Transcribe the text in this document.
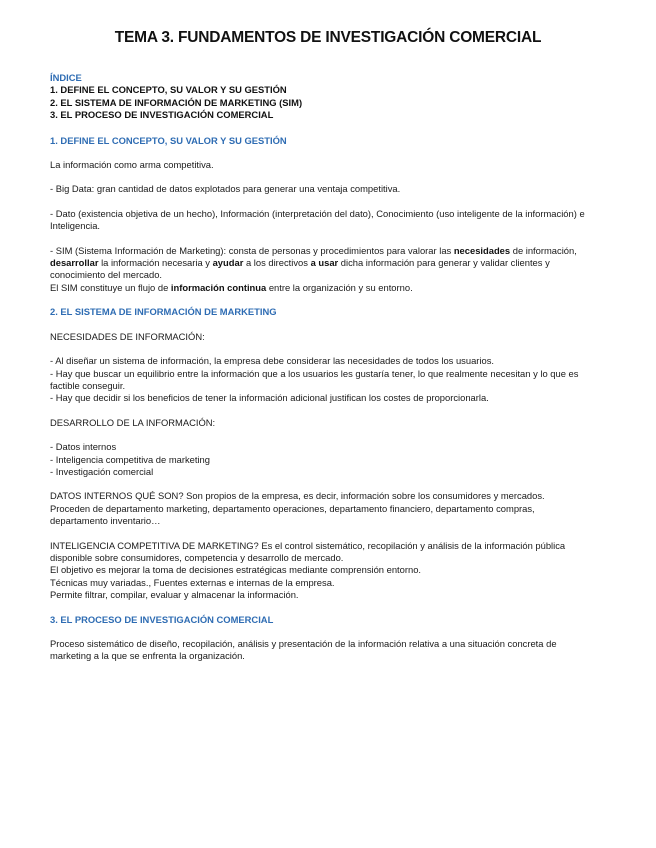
TEMA 3. FUNDAMENTOS DE INVESTIGACIÓN COMERCIAL

ÍNDICE

1. DEFINE EL CONCEPTO, SU VALOR Y SU GESTIÓN

2. EL SISTEMA DE INFORMACIÓN DE MARKETING (SIM)

3. EL PROCESO DE INVESTIGACIÓN COMERCIAL

1. DEFINE EL CONCEPTO, SU VALOR Y SU GESTIÓN

La información como arma competitiva.

- Big Data: gran cantidad de datos explotados para generar una ventaja competitiva.

- Dato (existencia objetiva de un hecho), Información (interpretación del dato), Conocimiento (uso inteligente de la información) e Inteligencia.

- SIM (Sistema Información de Marketing): consta de personas y procedimientos para valorar las necesidades de información, desarrollar la información necesaria y ayudar a los directivos a usar dicha información para generar y validar clientes y conocimiento del mercado.

El SIM constituye un flujo de información continua entre la organización y su entorno.

2. EL SISTEMA DE INFORMACIÓN DE MARKETING

NECESIDADES DE INFORMACIÓN:

- Al diseñar un sistema de información, la empresa debe considerar las necesidades de todos los usuarios.

- Hay que buscar un equilibrio entre la información que a los usuarios les gustaría tener, lo que realmente necesitan y lo que es factible conseguir.

- Hay que decidir si los beneficios de tener la información adicional justifican los costes de proporcionarla.

DESARROLLO DE LA INFORMACIÓN:

- Datos internos

- Inteligencia competitiva de marketing

- Investigación comercial

DATOS INTERNOS QUÉ SON? Son propios de la empresa, es decir, información sobre los consumidores y mercados.

Proceden de departamento marketing, departamento operaciones, departamento financiero, departamento compras, departamento inventario…

INTELIGENCIA COMPETITIVA DE MARKETING? Es el control sistemático, recopilación y análisis de la información pública disponible sobre consumidores, competencia y desarrollo de mercado.

El objetivo es mejorar la toma de decisiones estratégicas mediante comprensión entorno.

Técnicas muy variadas., Fuentes externas e internas de la empresa.

Permite filtrar, compilar, evaluar y almacenar la información.

3. EL PROCESO DE INVESTIGACIÓN COMERCIAL

Proceso sistemático de diseño, recopilación, análisis y presentación de la información relativa a una situación concreta de marketing a la que se enfrenta la organización.
